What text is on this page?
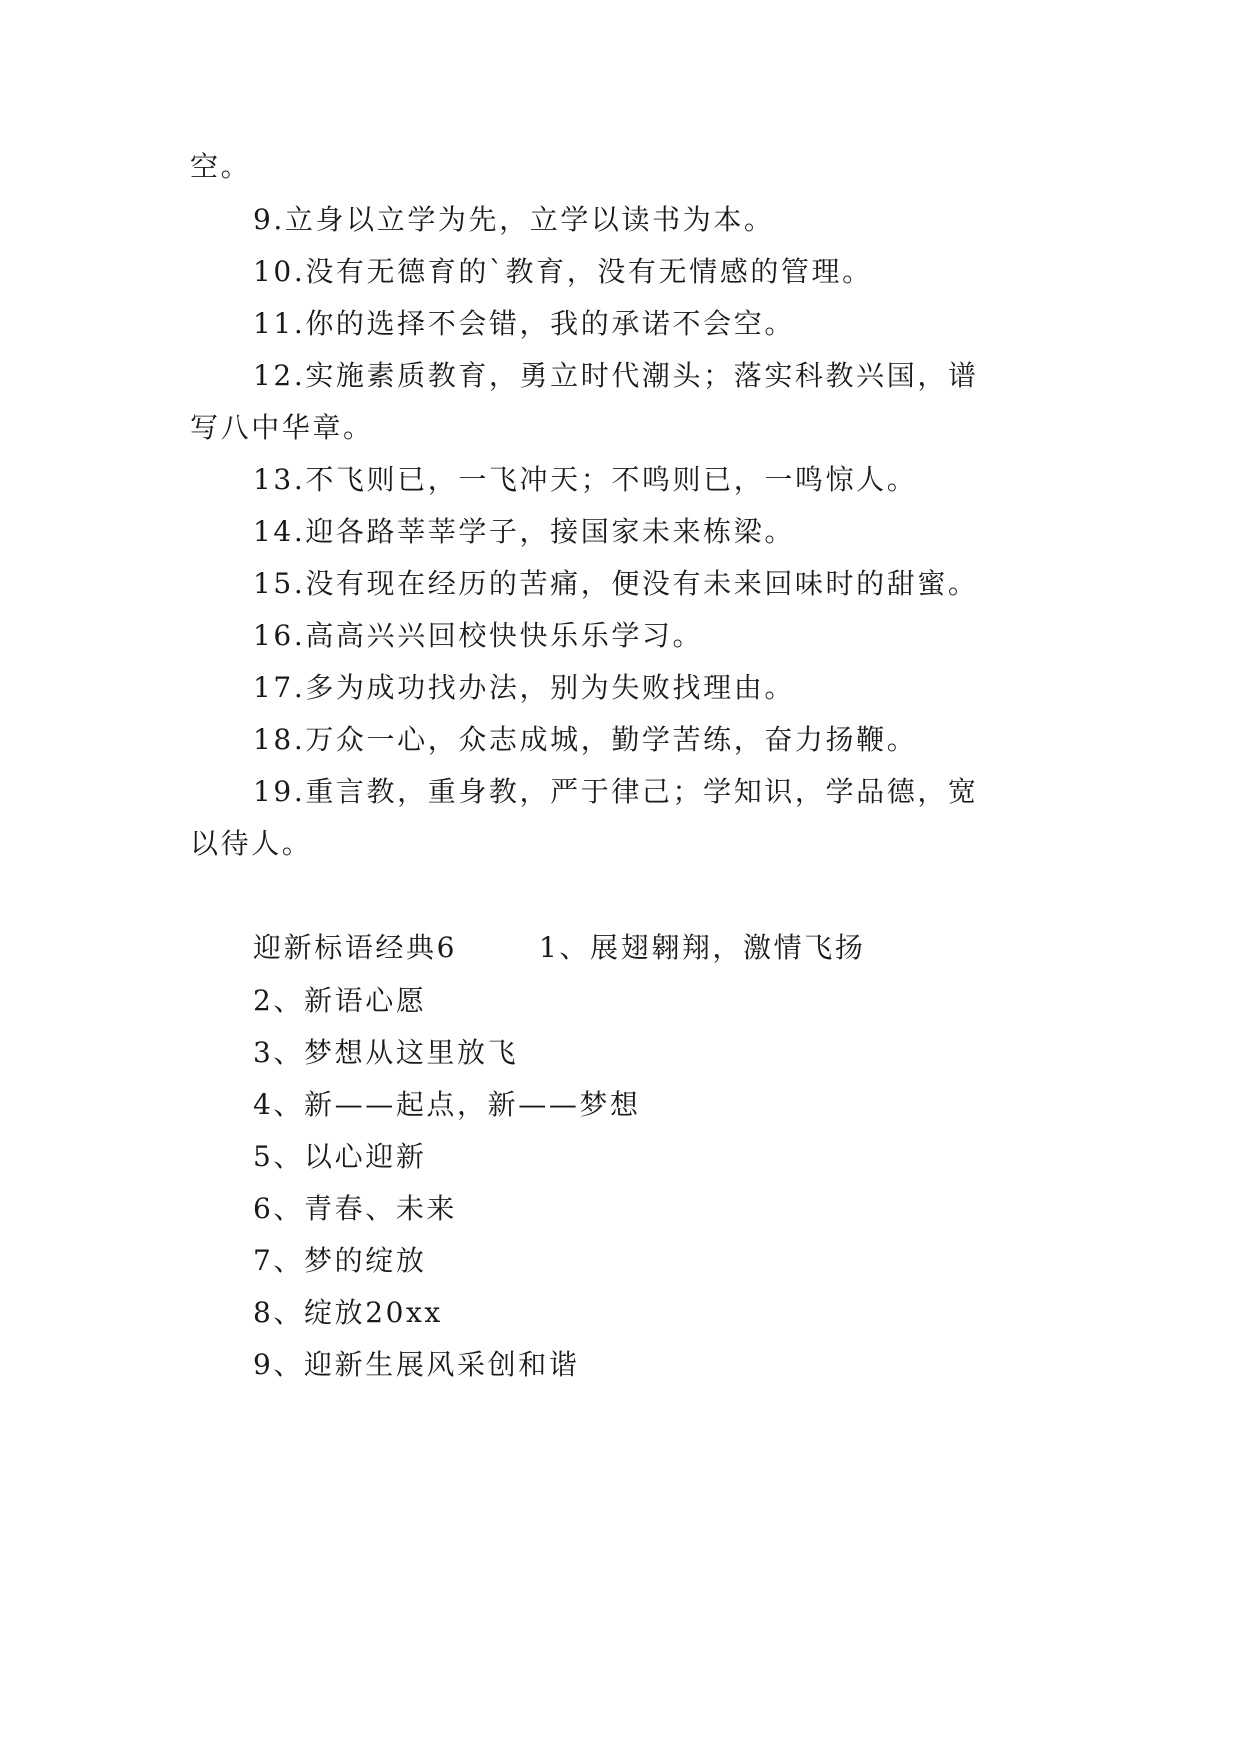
空。
9.立身以立学为先，立学以读书为本。
10.没有无德育的`教育，没有无情感的管理。
11.你的选择不会错，我的承诺不会空。
12.实施素质教育，勇立时代潮头；落实科教兴国，谱
写八中华章。
13.不飞则已，一飞冲天；不鸣则已，一鸣惊人。
14.迎各路莘莘学子，接国家未来栋梁。
15.没有现在经历的苦痛，便没有未来回味时的甜蜜。
16.高高兴兴回校快快乐乐学习。
17.多为成功找办法，别为失败找理由。
18.万众一心，众志成城，勤学苦练，奋力扬鞭。
19.重言教，重身教，严于律己；学知识，学品德，宽
以待人。
迎新标语经典6	1、展翅翱翔，激情飞扬
2、新语心愿
3、梦想从这里放飞
4、新——起点，新——梦想
5、以心迎新
6、青春、未来
7、梦的绽放
8、绽放20xx
9、迎新生展风采创和谐
